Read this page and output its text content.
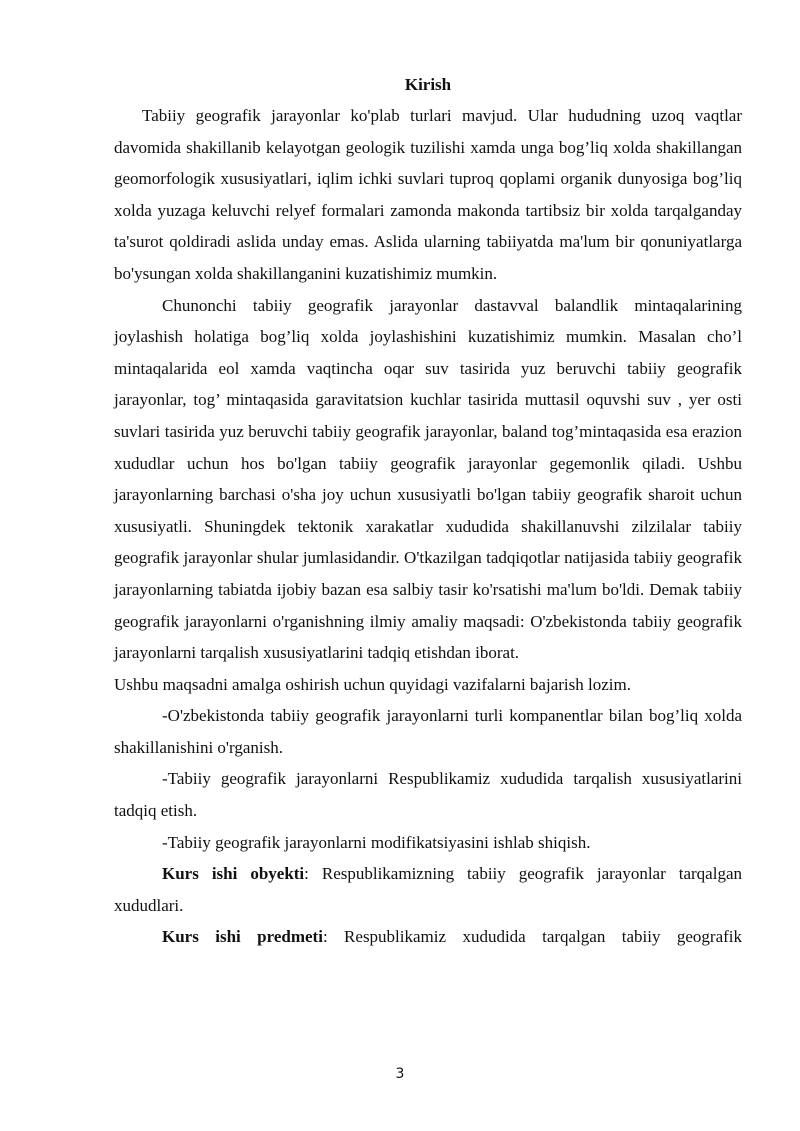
Kirish

Tabiiy geografik jarayonlar ko'plab turlari mavjud. Ular hududning uzoq vaqtlar davomida shakillanib kelayotgan geologik tuzilishi xamda unga bog’liq xolda shakillangan geomorfologik xususiyatlari, iqlim ichki suvlari tuproq qoplami organik dunyosiga bog’liq xolda yuzaga keluvchi relyef formalari zamonda makonda tartibsiz bir xolda tarqalganday ta'surot qoldiradi aslida unday emas. Aslida ularning tabiiyatda ma'lum bir qonuniyatlarga bo'ysungan xolda shakillanganini kuzatishimiz mumkin.

Chunonchi tabiiy geografik jarayonlar dastavval balandlik mintaqalarining joylashish holatiga bog’liq xolda joylashishini kuzatishimiz mumkin. Masalan cho’l mintaqalarida eol xamda vaqtincha oqar suv tasirida yuz beruvchi tabiiy geografik jarayonlar, tog’ mintaqasida garavitatsion kuchlar tasirida muttasil oquvshi suv , yer osti suvlari tasirida yuz beruvchi tabiiy geografik jarayonlar, baland tog’mintaqasida esa erazion xududlar uchun hos bo'lgan tabiiy geografik jarayonlar gegemonlik qiladi. Ushbu jarayonlarning barchasi o'sha joy uchun xususiyatli bo'lgan tabiiy geografik sharoit uchun xususiyatli. Shuningdek tektonik xarakatlar xududida shakillanuvshi zilzilalar tabiiy geografik jarayonlar shular jumlasidandir. O'tkazilgan tadqiqotlar natijasida tabiiy geografik jarayonlarning tabiatda ijobiy bazan esa salbiy tasir ko'rsatishi ma'lum bo'ldi. Demak tabiiy geografik jarayonlarni o'rganishning ilmiy amaliy maqsadi: O'zbekistonda tabiiy geografik jarayonlarni tarqalish xususiyatlarini tadqiq etishdan iborat.

Ushbu maqsadni amalga oshirish uchun quyidagi vazifalarni bajarish lozim.

-O'zbekistonda tabiiy geografik jarayonlarni turli kompanentlar bilan bog’liq xolda shakillanishini o'rganish.

-Tabiiy geografik jarayonlarni Respublikamiz xududida tarqalish xususiyatlarini tadqiq etish.

-Tabiiy geografik jarayonlarni modifikatsiyasini ishlab shiqish.

Kurs ishi obyekti: Respublikamizning tabiiy geografik jarayonlar tarqalgan xududlari.

Kurs ishi predmeti: Respublikamiz xududida tarqalgan tabiiy geografik

3
